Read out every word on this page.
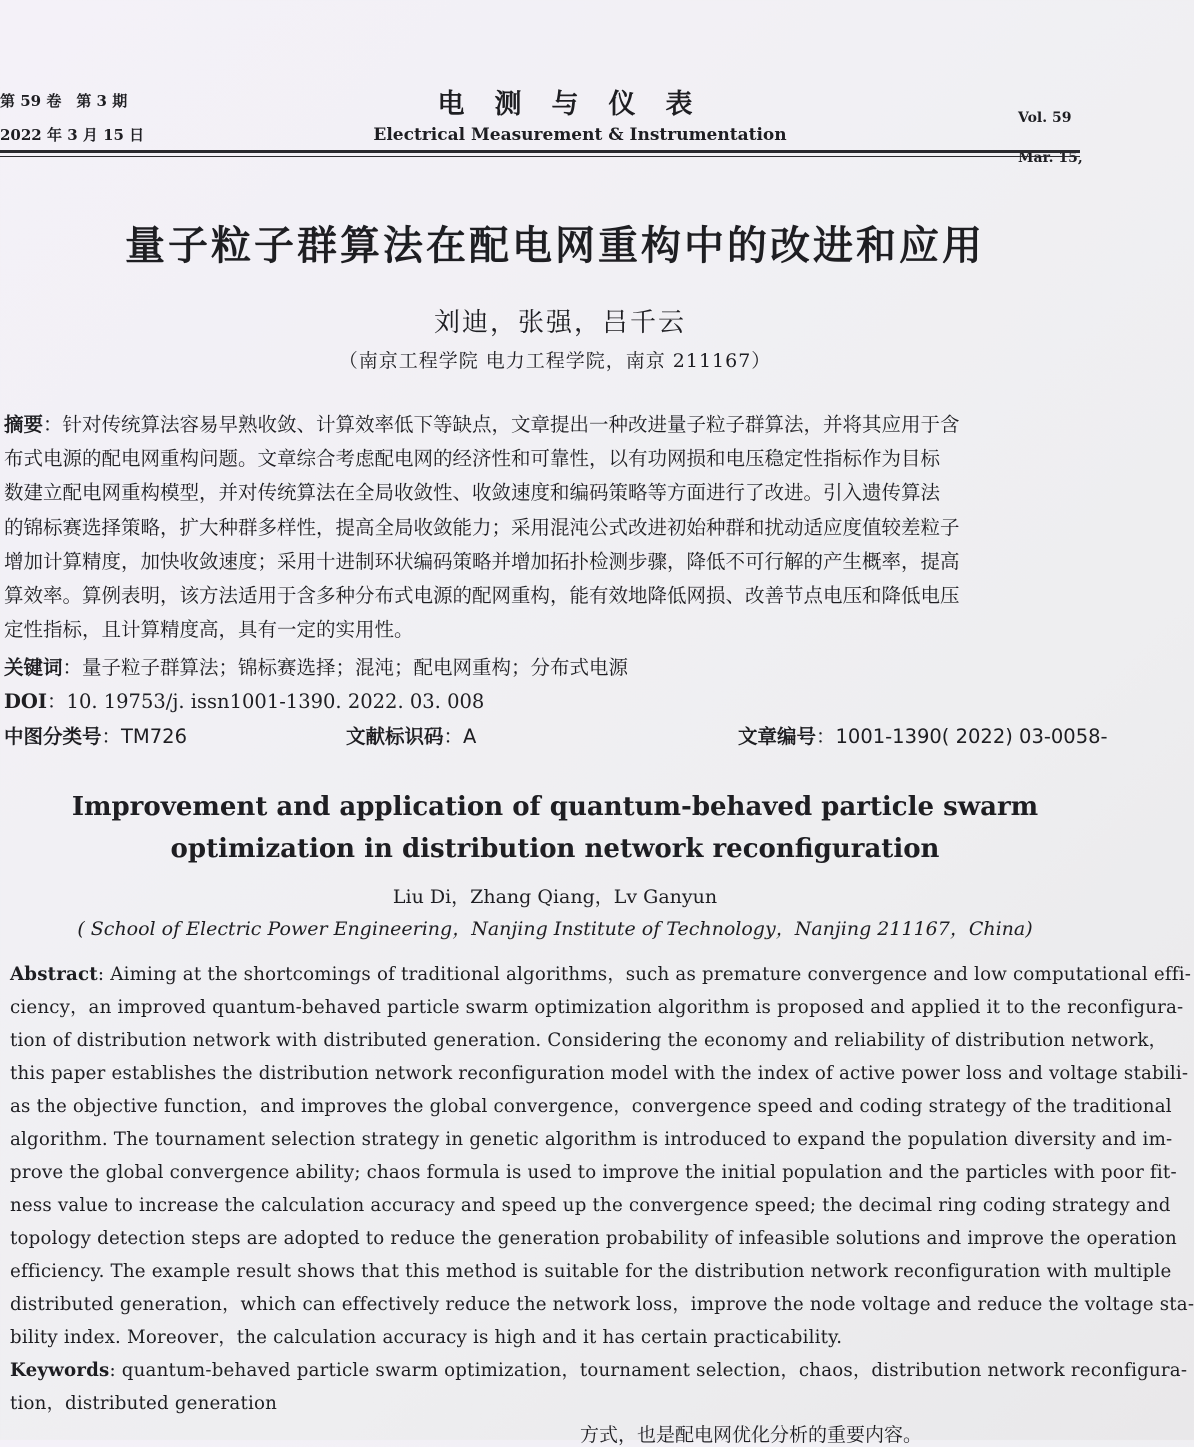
第 59 卷　第 3 期
2022 年 3 月 15 日
电测与仪表
Electrical Measurement & Instrumentation
Vol. 59
Mar. 15,
量子粒子群算法在配电网重构中的改进和应用
刘迪，张强，吕千云
（南京工程学院 电力工程学院，南京 211167）
摘要：针对传统算法容易早熟收敛、计算效率低下等缺点，文章提出一种改进量子粒子群算法，并将其应用于含
布式电源的配电网重构问题。文章综合考虑配电网的经济性和可靠性，以有功网损和电压稳定性指标作为目标
数建立配电网重构模型，并对传统算法在全局收敛性、收敛速度和编码策略等方面进行了改进。引入遗传算法
的锦标赛选择策略，扩大种群多样性，提高全局收敛能力；采用混沌公式改进初始种群和扰动适应度值较差粒子
增加计算精度，加快收敛速度；采用十进制环状编码策略并增加拓扑检测步骤，降低不可行解的产生概率，提高
算效率。算例表明，该方法适用于含多种分布式电源的配网重构，能有效地降低网损、改善节点电压和降低电压
定性指标，且计算精度高，具有一定的实用性。
关键词：量子粒子群算法；锦标赛选择；混沌；配电网重构；分布式电源
DOI：10. 19753/j. issn1001-1390. 2022. 03. 008
中图分类号：TM726	文献标识码：A	文章编号：1001-1390( 2022) 03-0058-
Improvement and application of quantum-behaved particle swarm
optimization in distribution network reconfiguration
Liu Di，Zhang Qiang，Lv Ganyun
( School of Electric Power Engineering，Nanjing Institute of Technology，Nanjing 211167，China)
Abstract: Aiming at the shortcomings of traditional algorithms，such as premature convergence and low computational effi-
ciency，an improved quantum-behaved particle swarm optimization algorithm is proposed and applied it to the reconfigura-
tion of distribution network with distributed generation. Considering the economy and reliability of distribution network，
this paper establishes the distribution network reconfiguration model with the index of active power loss and voltage stabili-
as the objective function，and improves the global convergence，convergence speed and coding strategy of the traditional
algorithm. The tournament selection strategy in genetic algorithm is introduced to expand the population diversity and im-
prove the global convergence ability; chaos formula is used to improve the initial population and the particles with poor fit-
ness value to increase the calculation accuracy and speed up the convergence speed; the decimal ring coding strategy and
topology detection steps are adopted to reduce the generation probability of infeasible solutions and improve the operation
efficiency. The example result shows that this method is suitable for the distribution network reconfiguration with multiple
distributed generation，which can effectively reduce the network loss，improve the node voltage and reduce the voltage sta-
bility index. Moreover，the calculation accuracy is high and it has certain practicability.
Keywords: quantum-behaved particle swarm optimization，tournament selection，chaos，distribution network reconfigura-
tion，distributed generation
方式，也是配电网优化分析的重要内容。
